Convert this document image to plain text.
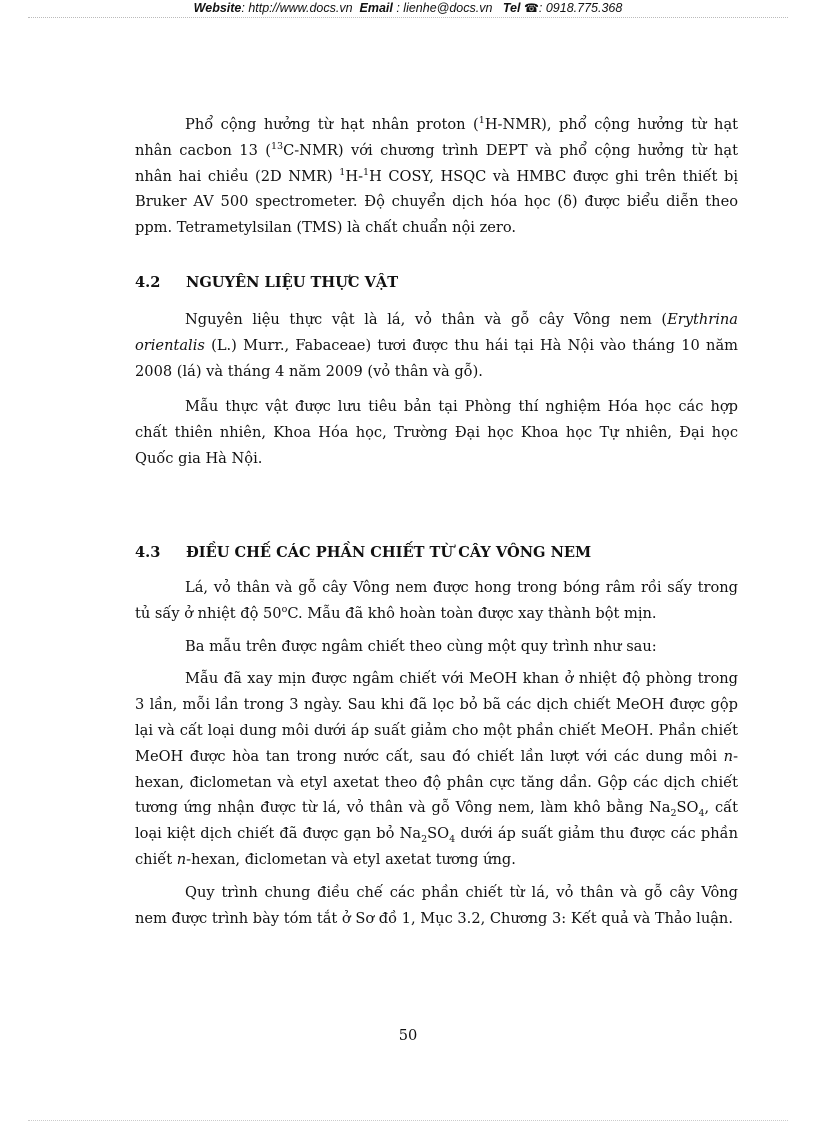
Website: http://www.docs.vn Email : lienhe@docs.vn Tel ☎: 0918.775.368

Phổ cộng hưởng từ hạt nhân proton ($^1$H-NMR), phổ cộng hưởng từ hạt nhân cacbon 13 ($^{13}$C-NMR) với chương trình DEPT và phổ cộng hưởng từ hạt nhân hai chiều (2D NMR) $^1$H-$^1$H COSY, HSQC và HMBC được ghi trên thiết bị Bruker AV 500 spectrometer. Độ chuyển dịch hóa học (δ) được biểu diễn theo ppm. Tetrametylsilan (TMS) là chất chuẩn nội zero.

4.2	NGUYÊN LIỆU THỰC VẬT

Nguyên liệu thực vật là lá, vỏ thân và gỗ cây Vông nem (Erythrina orientalis (L.) Murr., Fabaceae) tươi được thu hái tại Hà Nội vào tháng 10 năm 2008 (lá) và tháng 4 năm 2009 (vỏ thân và gỗ).

Mẫu thực vật được lưu tiêu bản tại Phòng thí nghiệm Hóa học các hợp chất thiên nhiên, Khoa Hóa học, Trường Đại học Khoa học Tự nhiên, Đại học Quốc gia Hà Nội.

4.3	ĐIỀU CHẾ CÁC PHẦN CHIẾT TỪ CÂY VÔNG NEM

Lá, vỏ thân và gỗ cây Vông nem được hong trong bóng râm rồi sấy trong tủ sấy ở nhiệt độ 50$^o$C. Mẫu đã khô hoàn toàn được xay thành bột mịn.

Ba mẫu trên được ngâm chiết theo cùng một quy trình như sau:

Mẫu đã xay mịn được ngâm chiết với MeOH khan ở nhiệt độ phòng trong 3 lần, mỗi lần trong 3 ngày. Sau khi đã lọc bỏ bã các dịch chiết MeOH được gộp lại và cất loại dung môi dưới áp suất giảm cho một phần chiết MeOH. Phần chiết MeOH được hòa tan trong nước cất, sau đó chiết lần lượt với các dung môi n-hexan, điclometan và etyl axetat theo độ phân cực tăng dần. Gộp các dịch chiết tương ứng nhận được từ lá, vỏ thân và gỗ Vông nem, làm khô bằng $Na_2SO_4$, cất loại kiệt dịch chiết đã được gạn bỏ $Na_2SO_4$ dưới áp suất giảm thu được các phần chiết n-hexan, điclometan và etyl axetat tương ứng.

Quy trình chung điều chế các phần chiết từ lá, vỏ thân và gỗ cây Vông nem được trình bày tóm tắt ở Sơ đồ 1, Mục 3.2, Chương 3: Kết quả và Thảo luận.

50
